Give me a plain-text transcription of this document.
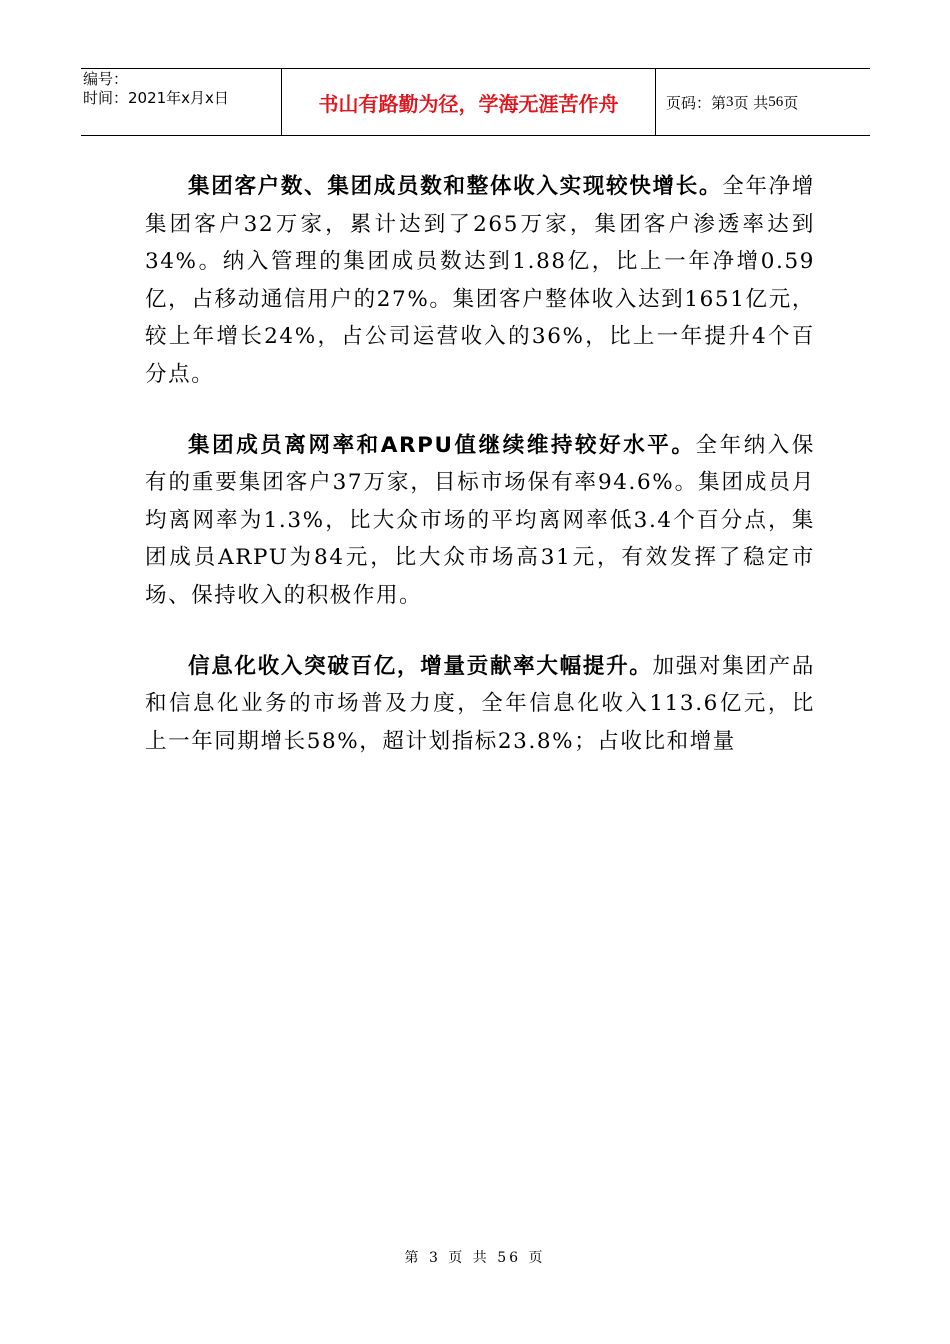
编号：
时间：2021年x月x日	书山有路勤为径，学海无涯苦作舟	页码：第 3 页 共 56 页

集团客户数、集团成员数和整体收入实现较快增长。全年净增集团客户32万家，累计达到了265万家，集团客户渗透率达到34%。纳入管理的集团成员数达到1.88亿，比上一年净增0.59亿，占移动通信用户的27%。集团客户整体收入达到1651亿元，较上年增长24%，占公司运营收入的36%，比上一年提升4个百分点。

集团成员离网率和ARPU值继续维持较好水平。全年纳入保有的重要集团客户37万家，目标市场保有率94.6%。集团成员月均离网率为1.3%，比大众市场的平均离网率低3.4个百分点，集团成员ARPU为84元，比大众市场高31元，有效发挥了稳定市场、保持收入的积极作用。

信息化收入突破百亿，增量贡献率大幅提升。加强对集团产品和信息化业务的市场普及力度，全年信息化收入113.6亿元，比上一年同期增长58%，超计划指标23.8%；占收比和增量

第 3 页 共 56 页
